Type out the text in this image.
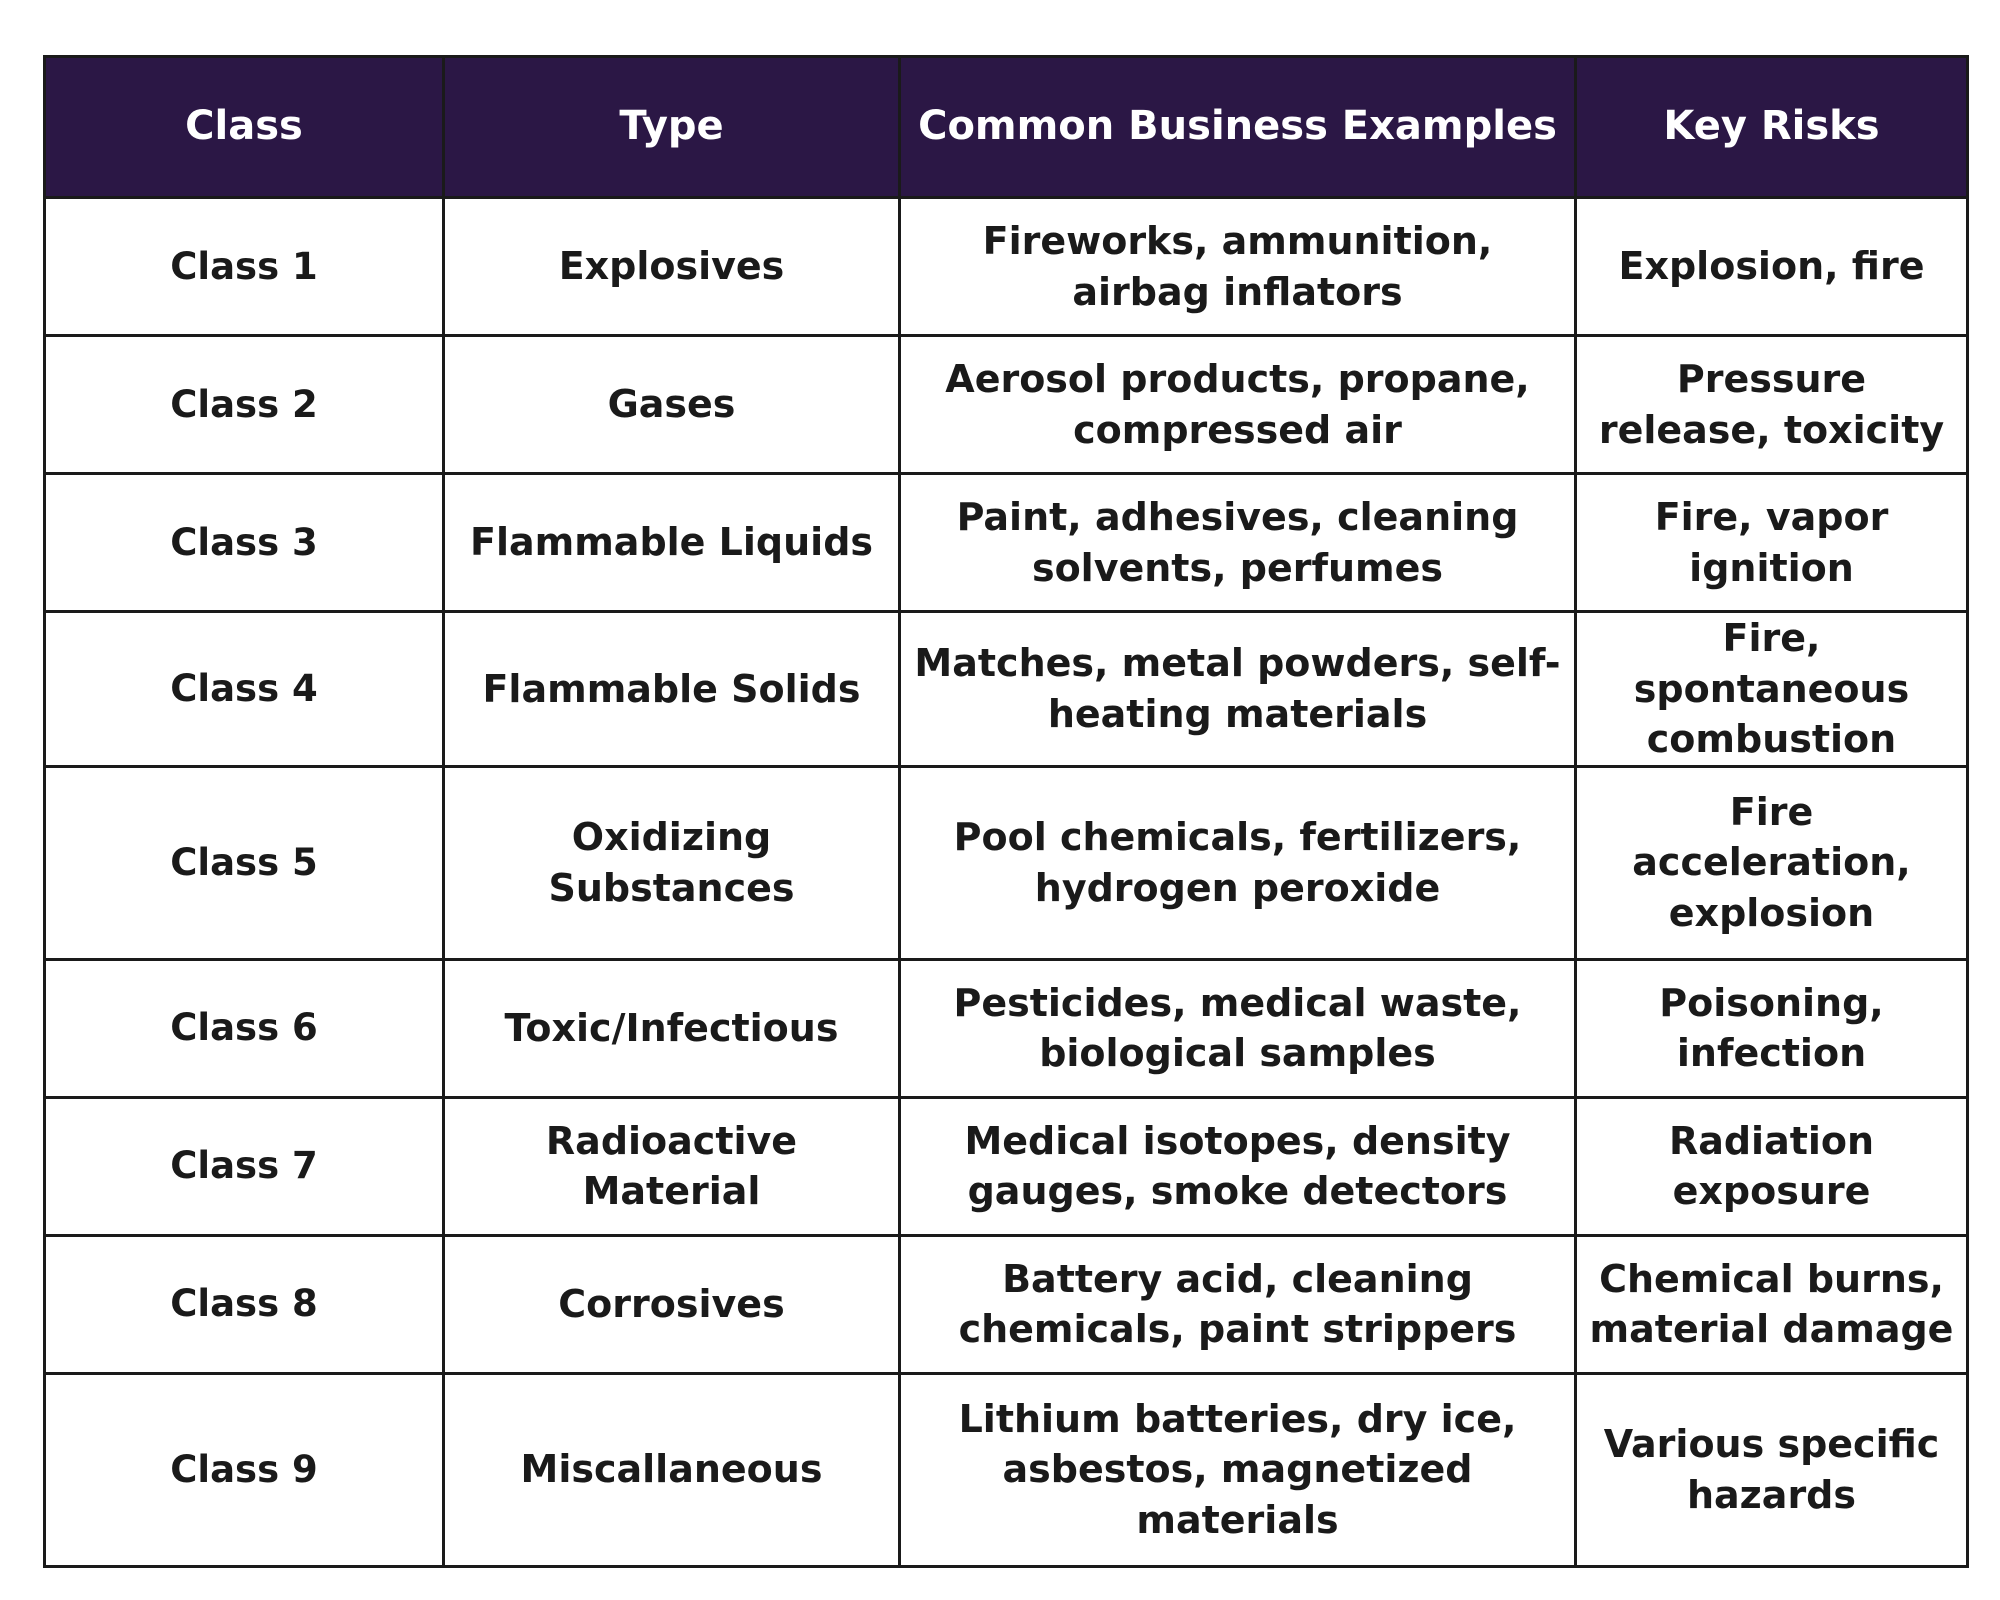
Class	Type	Common Business Examples	Key Risks
Class 1	Explosives	Fireworks, ammunition, airbag inflators	Explosion, fire
Class 2	Gases	Aerosol products, propane, compressed air	Pressure release, toxicity
Class 3	Flammable Liquids	Paint, adhesives, cleaning solvents, perfumes	Fire, vapor ignition
Class 4	Flammable Solids	Matches, metal powders, self-heating materials	Fire, spontaneous combustion
Class 5	Oxidizing Substances	Pool chemicals, fertilizers, hydrogen peroxide	Fire acceleration, explosion
Class 6	Toxic/Infectious	Pesticides, medical waste, biological samples	Poisoning, infection
Class 7	Radioactive Material	Medical isotopes, density gauges, smoke detectors	Radiation exposure
Class 8	Corrosives	Battery acid, cleaning chemicals, paint strippers	Chemical burns, material damage
Class 9	Miscallaneous	Lithium batteries, dry ice, asbestos, magnetized materials	Various specific hazards
